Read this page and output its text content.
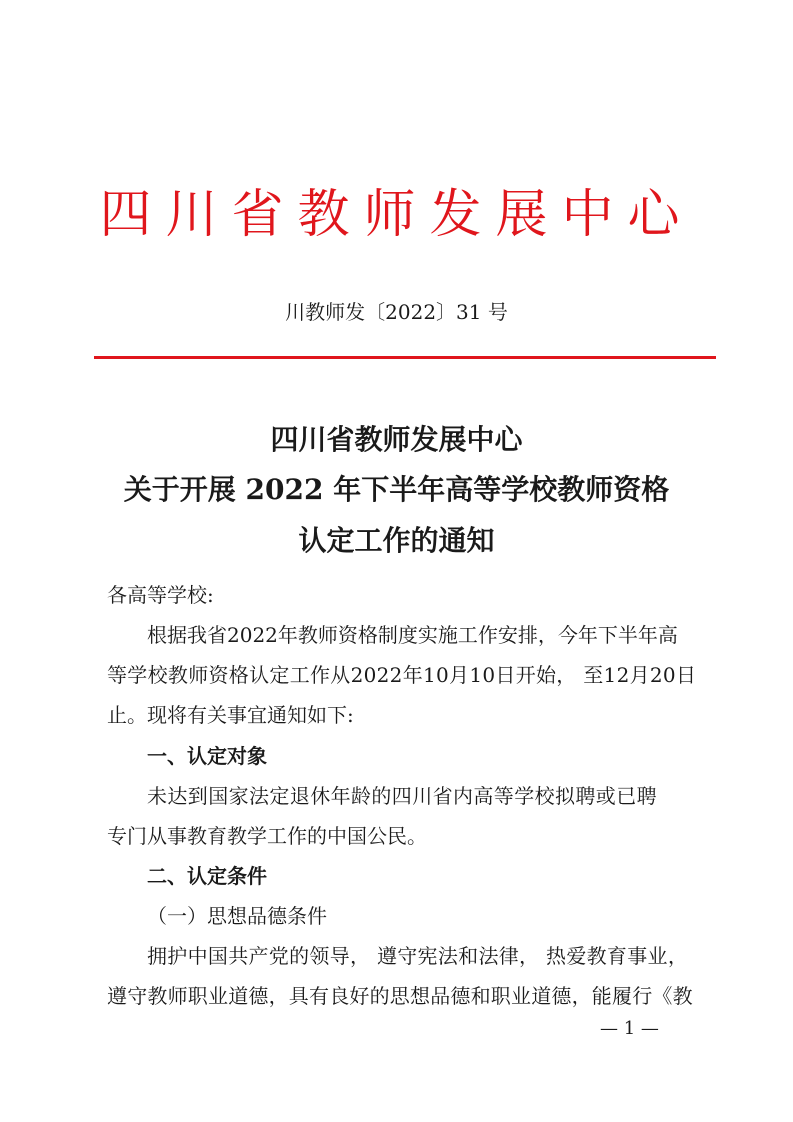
四川省教师发展中心
川教师发〔2022〕31 号
四川省教师发展中心
关于开展 2022 年下半年高等学校教师资格
认定工作的通知
各高等学校:
根据我省2022年教师资格制度实施工作安排，今年下半年高
等学校教师资格认定工作从2022年10月10日开始， 至12月20日
止。现将有关事宜通知如下:
一、认定对象
未达到国家法定退休年龄的四川省内高等学校拟聘或已聘
专门从事教育教学工作的中国公民。
二、认定条件
（一）思想品德条件
拥护中国共产党的领导， 遵守宪法和法律， 热爱教育事业，
遵守教师职业道德，具有良好的思想品德和职业道德，能履行《教
— 1 —
